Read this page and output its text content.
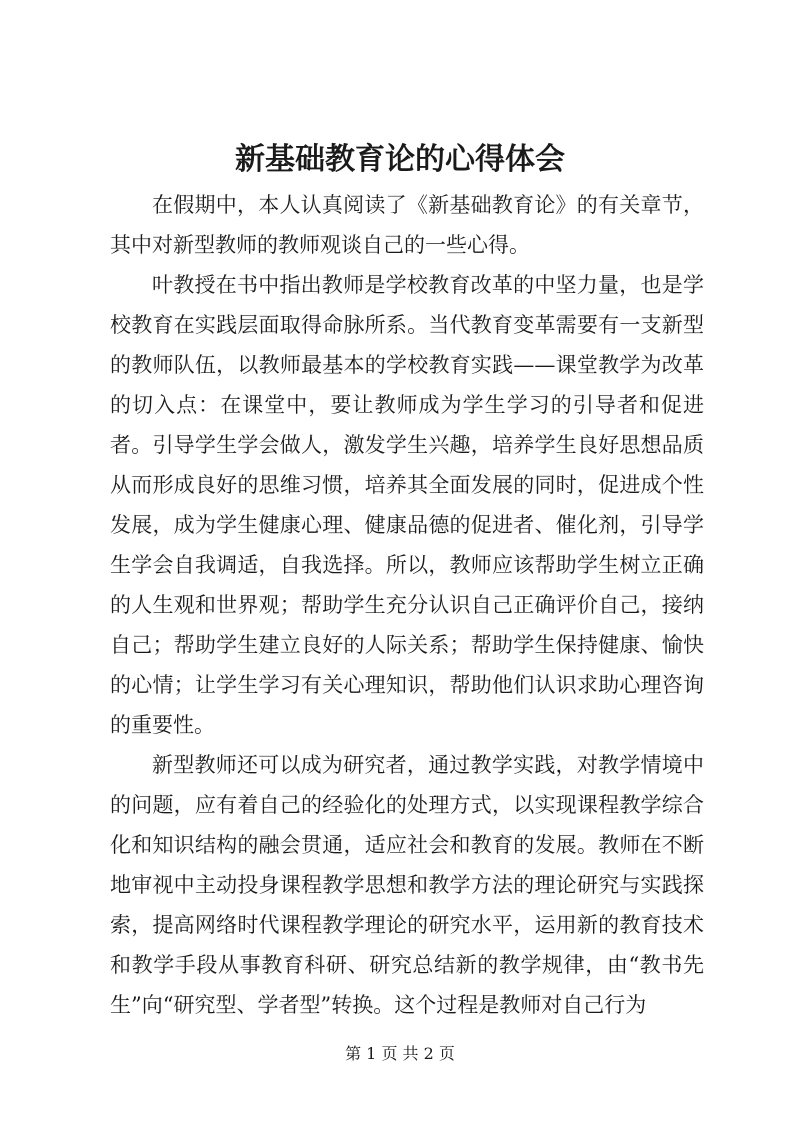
新基础教育论的心得体会

在假期中，本人认真阅读了《新基础教育论》的有关章节，其中对新型教师的教师观谈自己的一些心得。

叶教授在书中指出教师是学校教育改革的中坚力量，也是学校教育在实践层面取得命脉所系。当代教育变革需要有一支新型的教师队伍，以教师最基本的学校教育实践——课堂教学为改革的切入点：在课堂中，要让教师成为学生学习的引导者和促进者。引导学生学会做人，激发学生兴趣，培养学生良好思想品质从而形成良好的思维习惯，培养其全面发展的同时，促进成个性发展，成为学生健康心理、健康品德的促进者、催化剂，引导学生学会自我调适，自我选择。所以，教师应该帮助学生树立正确的人生观和世界观；帮助学生充分认识自己正确评价自己，接纳自己；帮助学生建立良好的人际关系；帮助学生保持健康、愉快的心情；让学生学习有关心理知识，帮助他们认识求助心理咨询的重要性。

新型教师还可以成为研究者，通过教学实践，对教学情境中的问题，应有着自己的经验化的处理方式，以实现课程教学综合化和知识结构的融会贯通，适应社会和教育的发展。教师在不断地审视中主动投身课程教学思想和教学方法的理论研究与实践探索，提高网络时代课程教学理论的研究水平，运用新的教育技术和教学手段从事教育科研、研究总结新的教学规律，由“教书先生”向“研究型、学者型”转换。这个过程是教师对自己行为

第 1 页 共 2 页
